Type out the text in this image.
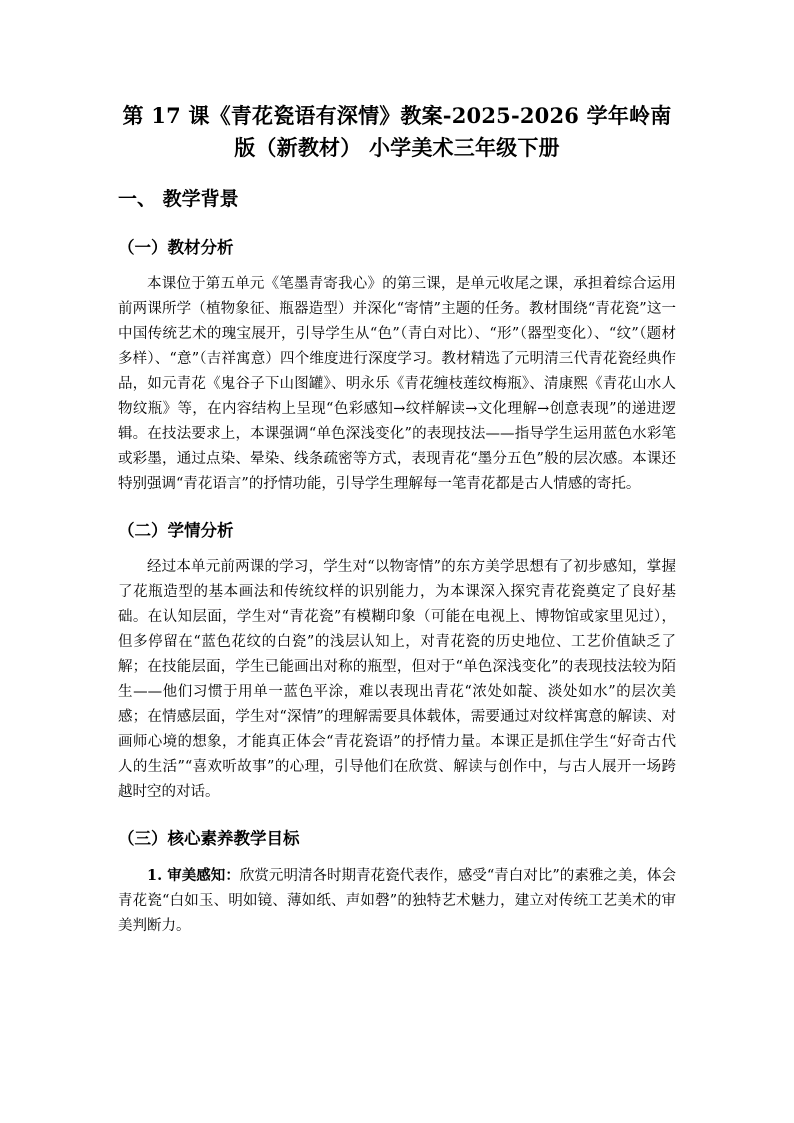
第 17 课《青花瓷语有深情》教案-2025-2026 学年岭南版（新教材） 小学美术三年级下册
一、 教学背景
（一）教材分析

本课位于第五单元《笔墨青寄我心》的第三课，是单元收尾之课，承担着综合运用前两课所学（植物象征、瓶器造型）并深化“寄情”主题的任务。教材围绕“青花瓷”这一中国传统艺术的瑰宝展开，引导学生从“色”（青白对比）、“形”（器型变化）、“纹”（题材多样）、“意”（吉祥寓意）四个维度进行深度学习。教材精选了元明清三代青花瓷经典作品，如元青花《鬼谷子下山图罐》、明永乐《青花缠枝莲纹梅瓶》、清康熙《青花山水人物纹瓶》等，在内容结构上呈现“色彩感知→纹样解读→文化理解→创意表现”的递进逻辑。在技法要求上，本课强调“单色深浅变化”的表现技法——指导学生运用蓝色水彩笔或彩墨，通过点染、晕染、线条疏密等方式，表现青花“墨分五色”般的层次感。本课还特别强调“青花语言”的抒情功能，引导学生理解每一笔青花都是古人情感的寄托。

（二）学情分析

经过本单元前两课的学习，学生对“以物寄情”的东方美学思想有了初步感知，掌握了花瓶造型的基本画法和传统纹样的识别能力，为本课深入探究青花瓷奠定了良好基础。在认知层面，学生对“青花瓷”有模糊印象（可能在电视上、博物馆或家里见过），但多停留在“蓝色花纹的白瓷”的浅层认知上，对青花瓷的历史地位、工艺价值缺乏了解；在技能层面，学生已能画出对称的瓶型，但对于“单色深浅变化”的表现技法较为陌生——他们习惯于用单一蓝色平涂，难以表现出青花“浓处如靛、淡处如水”的层次美感；在情感层面，学生对“深情”的理解需要具体载体，需要通过对纹样寓意的解读、对画师心境的想象，才能真正体会“青花瓷语”的抒情力量。本课正是抓住学生“好奇古代人的生活”“喜欢听故事”的心理，引导他们在欣赏、解读与创作中，与古人展开一场跨越时空的对话。

（三）核心素养教学目标

1. 审美感知：欣赏元明清各时期青花瓷代表作，感受“青白对比”的素雅之美，体会青花瓷“白如玉、明如镜、薄如纸、声如磬”的独特艺术魅力，建立对传统工艺美术的审美判断力。
